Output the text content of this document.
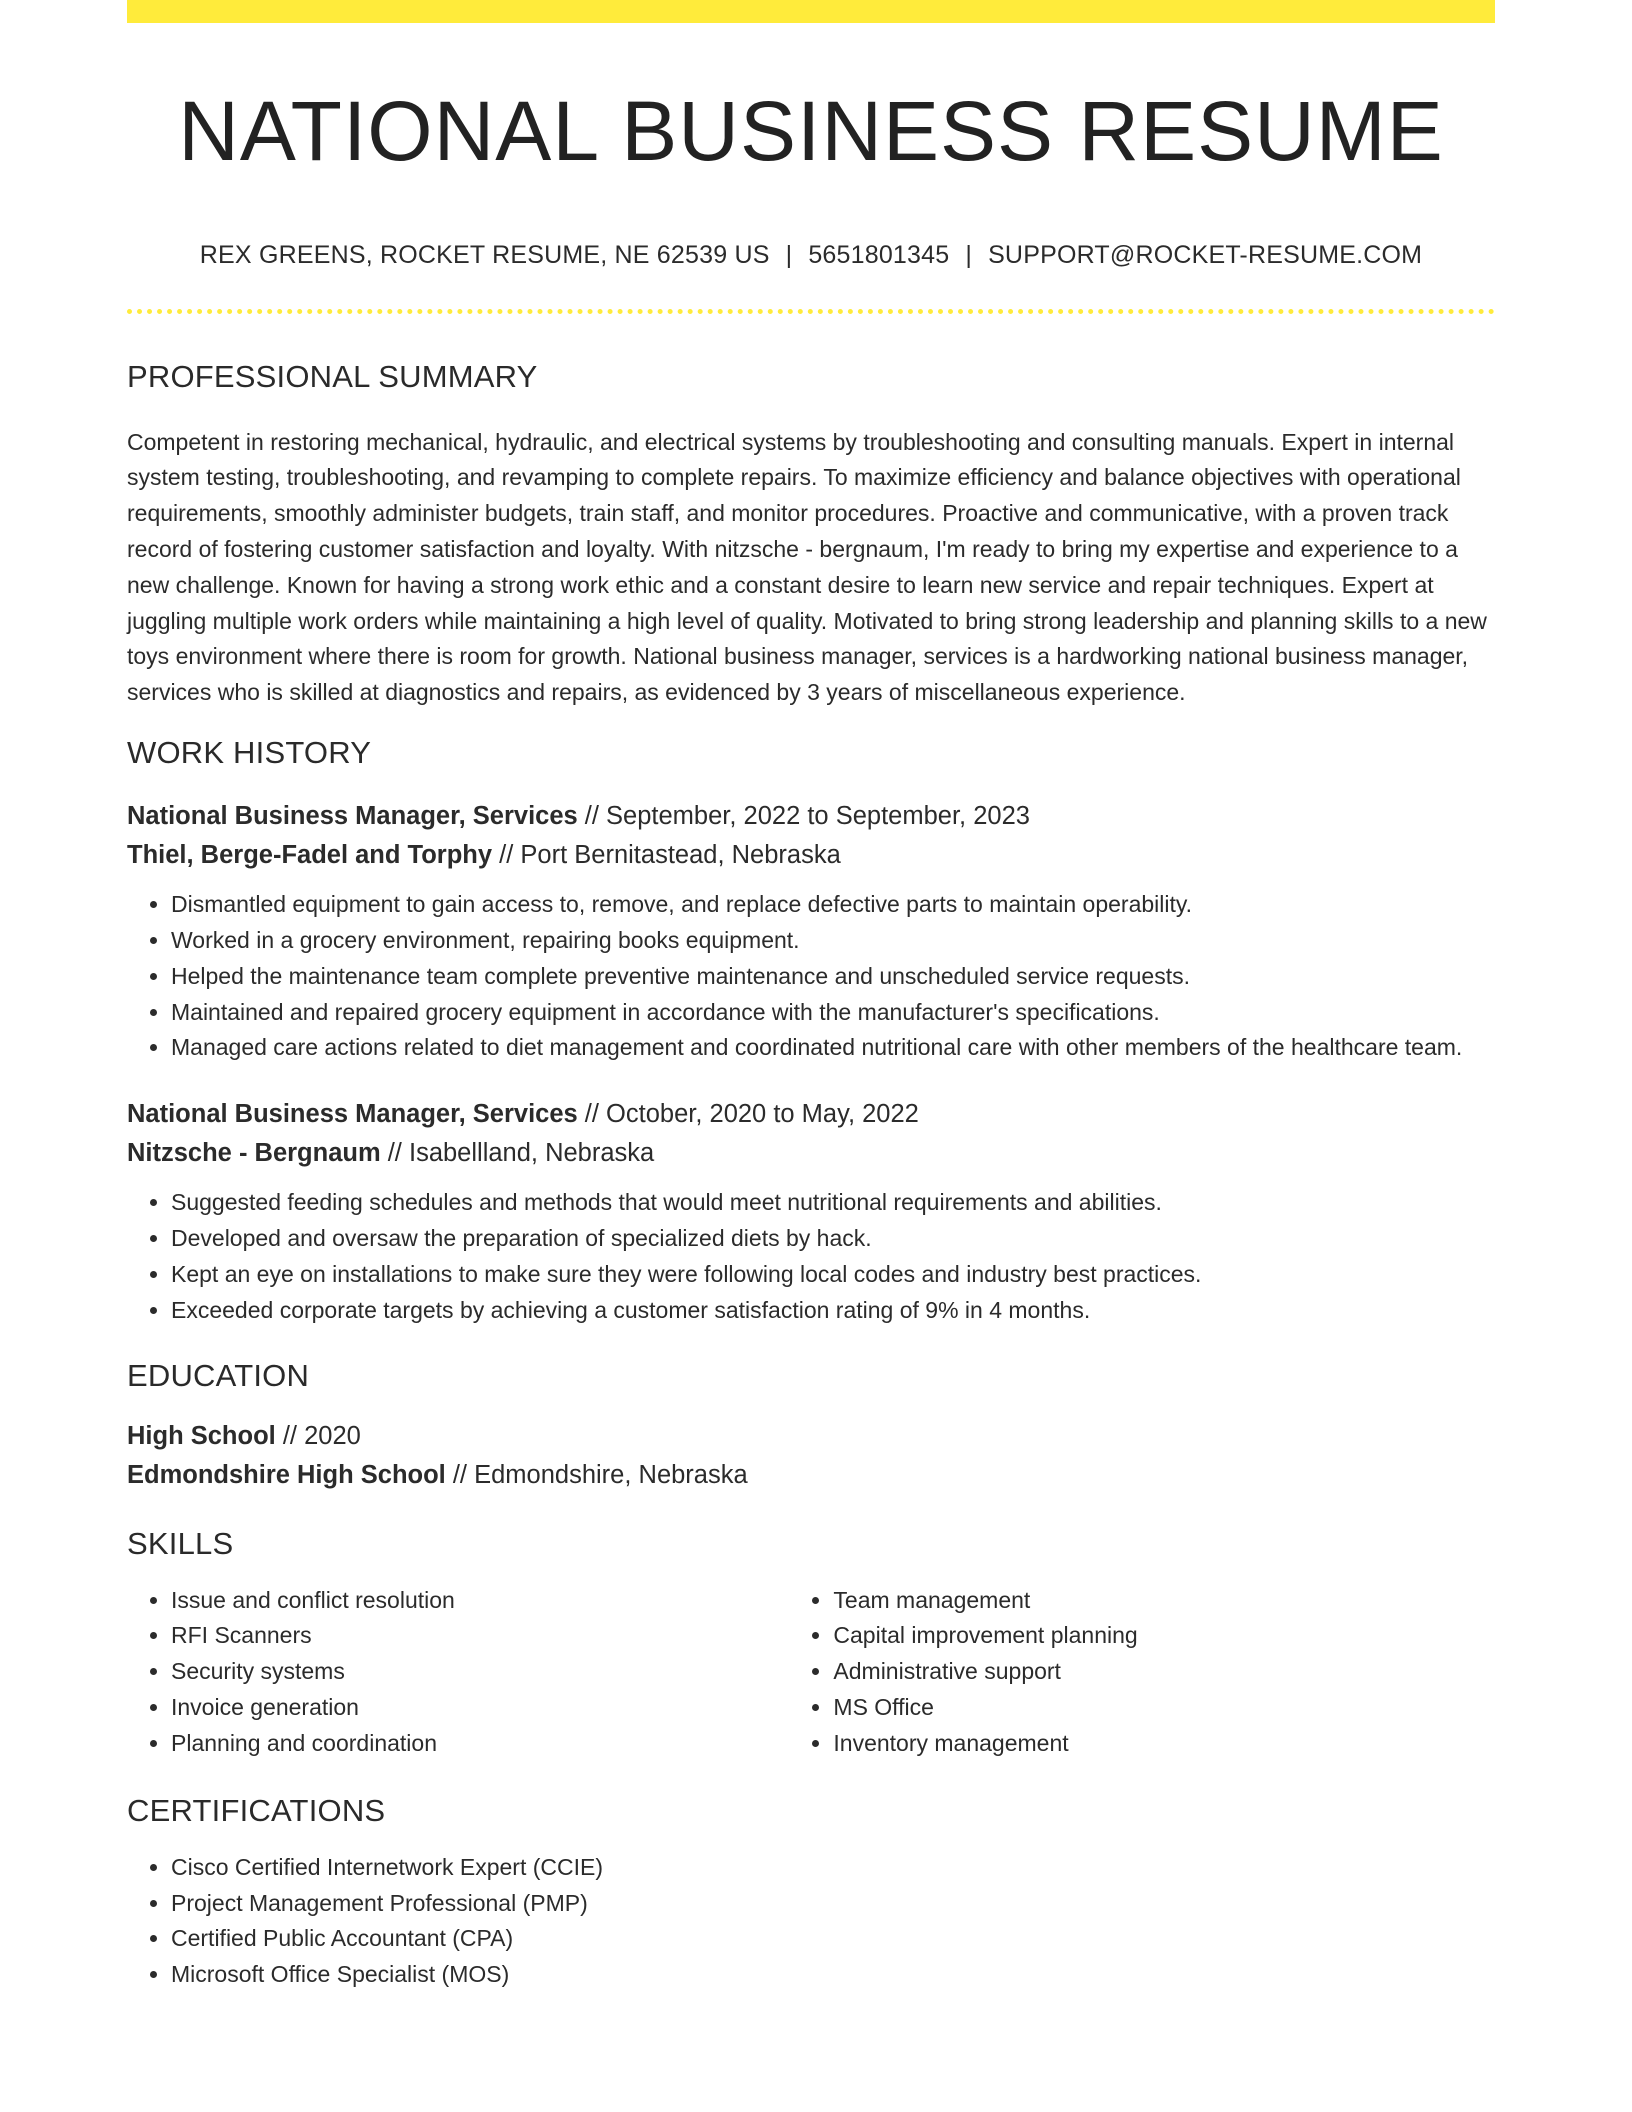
NATIONAL BUSINESS RESUME
REX GREENS, ROCKET RESUME, NE 62539 US | 5651801345 | SUPPORT@ROCKET-RESUME.COM
PROFESSIONAL SUMMARY

Competent in restoring mechanical, hydraulic, and electrical systems by troubleshooting and consulting manuals. Expert in internal system testing, troubleshooting, and revamping to complete repairs. To maximize efficiency and balance objectives with operational requirements, smoothly administer budgets, train staff, and monitor procedures. Proactive and communicative, with a proven track record of fostering customer satisfaction and loyalty. With nitzsche - bergnaum, I'm ready to bring my expertise and experience to a new challenge. Known for having a strong work ethic and a constant desire to learn new service and repair techniques. Expert at juggling multiple work orders while maintaining a high level of quality. Motivated to bring strong leadership and planning skills to a new toys environment where there is room for growth. National business manager, services is a hardworking national business manager, services who is skilled at diagnostics and repairs, as evidenced by 3 years of miscellaneous experience.

WORK HISTORY
National Business Manager, Services // September, 2022 to September, 2023
Thiel, Berge-Fadel and Torphy // Port Bernitastead, Nebraska
• Dismantled equipment to gain access to, remove, and replace defective parts to maintain operability.
• Worked in a grocery environment, repairing books equipment.
• Helped the maintenance team complete preventive maintenance and unscheduled service requests.
• Maintained and repaired grocery equipment in accordance with the manufacturer's specifications.
• Managed care actions related to diet management and coordinated nutritional care with other members of the healthcare team.
National Business Manager, Services // October, 2020 to May, 2022
Nitzsche - Bergnaum // Isabellland, Nebraska
• Suggested feeding schedules and methods that would meet nutritional requirements and abilities.
• Developed and oversaw the preparation of specialized diets by hack.
• Kept an eye on installations to make sure they were following local codes and industry best practices.
• Exceeded corporate targets by achieving a customer satisfaction rating of 9% in 4 months.
EDUCATION
High School // 2020
Edmondshire High School // Edmondshire, Nebraska
SKILLS
• Issue and conflict resolution
• RFI Scanners
• Security systems
• Invoice generation
• Planning and coordination
• Team management
• Capital improvement planning
• Administrative support
• MS Office
• Inventory management
CERTIFICATIONS
• Cisco Certified Internetwork Expert (CCIE)
• Project Management Professional (PMP)
• Certified Public Accountant (CPA)
• Microsoft Office Specialist (MOS)
